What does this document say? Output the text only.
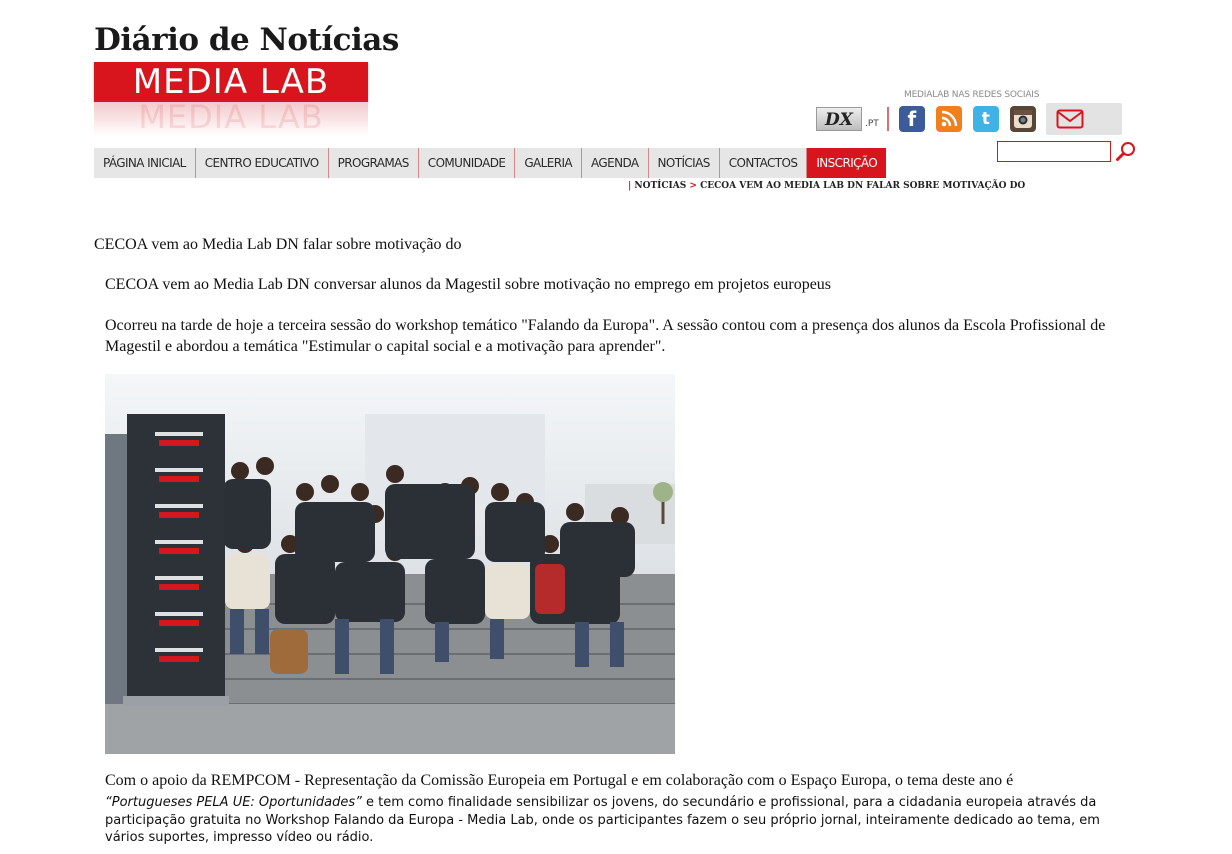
Diário de Notícias
MEDIA LAB
MEDIA LAB
MEDIALAB NAS REDES SOCIAIS
DX	.PT	f	t
PÁGINA INICIAL	CENTRO EDUCATIVO	PROGRAMAS	COMUNIDADE	GALERIA	AGENDA	NOTÍCIAS	CONTACTOS	INSCRIÇÃO
| NOTÍCIAS > CECOA VEM AO MEDIA LAB DN FALAR SOBRE MOTIVAÇÃO DO
CECOA vem ao Media Lab DN falar sobre motivação do
CECOA vem ao Media Lab DN conversar alunos da Magestil sobre motivação no emprego em projetos europeus
Ocorreu na tarde de hoje a terceira sessão do workshop temático "Falando da Europa". A sessão contou com a presença dos alunos da Escola Profissional de Magestil e abordou a temática "Estimular o capital social e a motivação para aprender".
Com o apoio da REMPCOM - Representação da Comissão Europeia em Portugal e em colaboração com o Espaço Europa, o tema deste ano é
“Portugueses PELA UE: Oportunidades” e tem como finalidade sensibilizar os jovens, do secundário e profissional, para a cidadania europeia através da participação gratuita no Workshop Falando da Europa - Media Lab, onde os participantes fazem o seu próprio jornal, inteiramente dedicado ao tema, em vários suportes, impresso vídeo ou rádio.
